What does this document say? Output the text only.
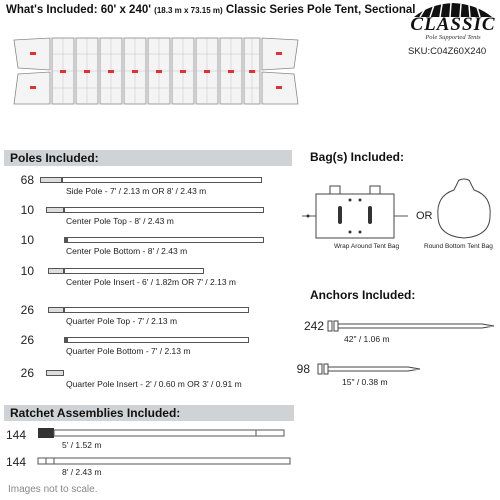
What's Included: 60' x 240' (18.3 m x 73.15 m) Classic Series Pole Tent, Sectional
CLASSIC
Pole Supported Tents
SKU:C04Z60X240
Poles Included:
68
Side Pole - 7' / 2.13 m OR 8' / 2.43 m
10
Center Pole Top - 8' / 2.43 m
10
Center Pole Bottom - 8' / 2.43 m
10
Center Pole Insert - 6' / 1.82m OR 7' / 2.13 m
26
Quarter Pole Top - 7' / 2.13 m
26
Quarter Pole Bottom - 7' / 2.13 m
26
Quarter Pole Insert - 2' / 0.60 m OR 3' / 0.91 m
Bag(s) Included:
Wrap Around Tent Bag
OR
Round Bottom Tent Bag
Anchors Included:
242
42" / 1.06 m
98
15" / 0.38 m
Ratchet Assemblies Included:
144
5' / 1.52 m
144
8' / 2.43 m
Images not to scale.
